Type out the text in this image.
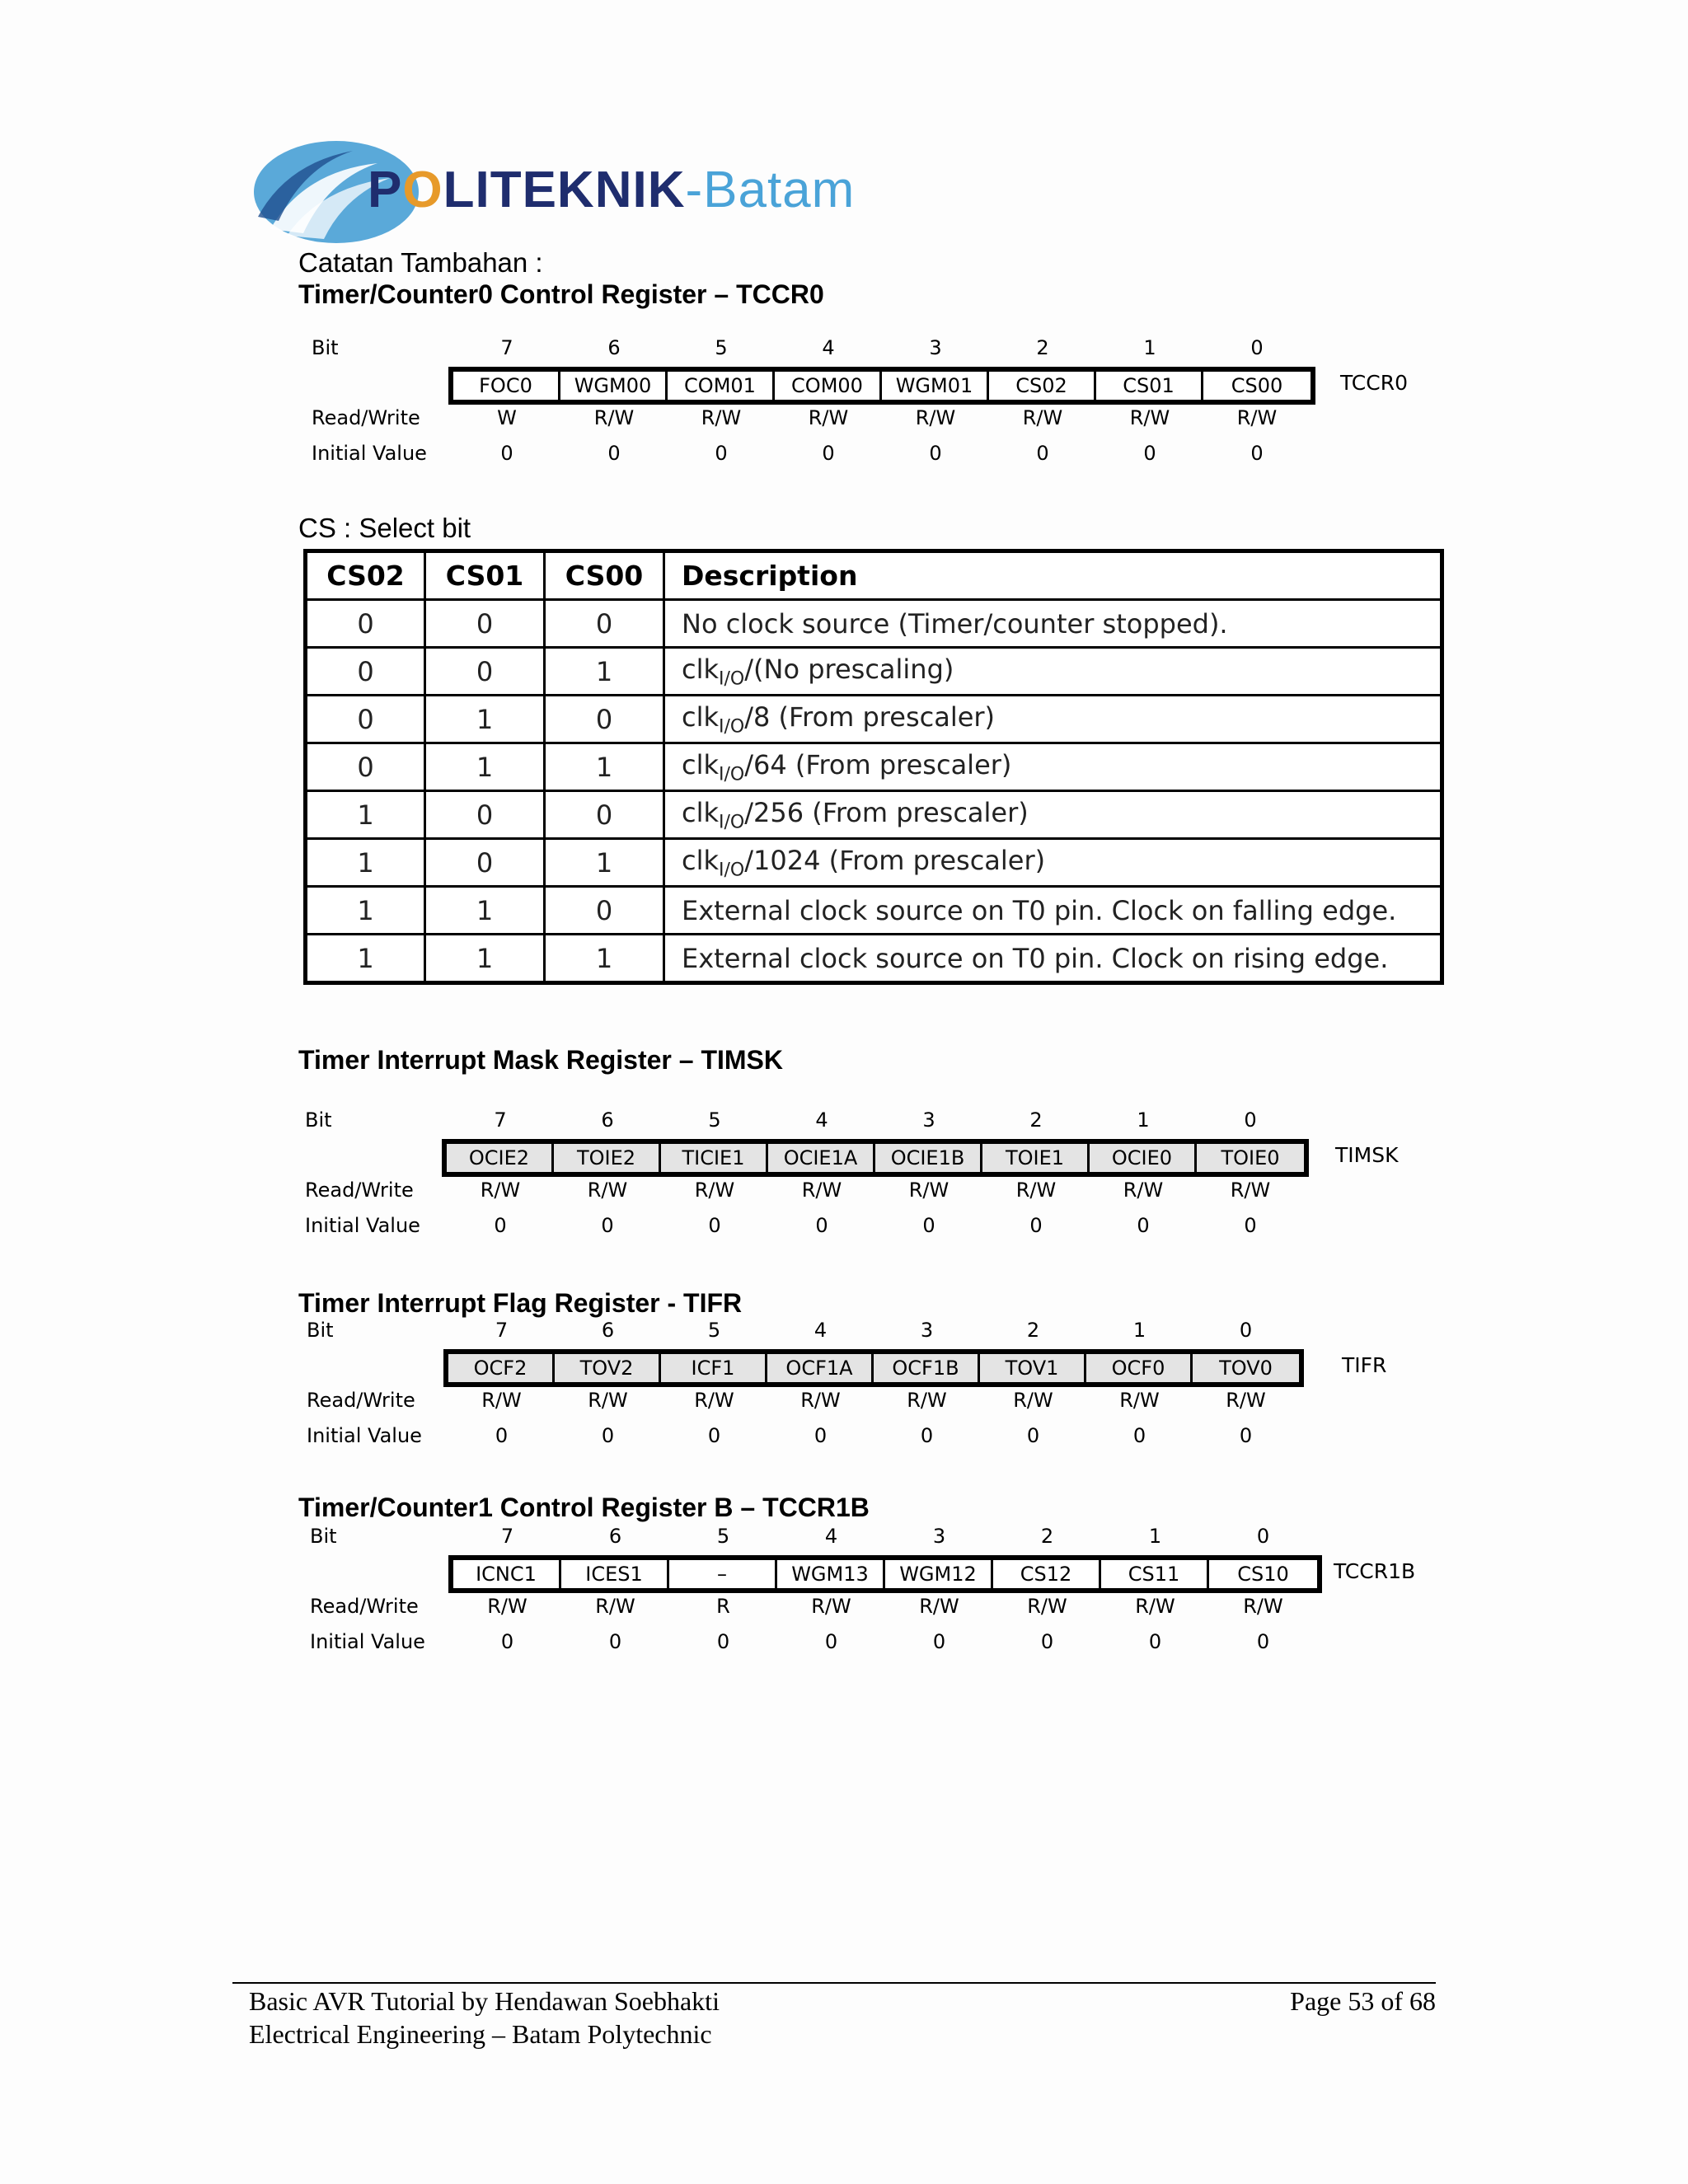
POLITEKNIK-Batam
Catatan Tambahan :
Timer/Counter0 Control Register – TCCR0
Bit	7	6	5	4	3	2	1	0
Read/Write	W	R/W	R/W	R/W	R/W	R/W	R/W	R/W
Initial Value	0	0	0	0	0	0	0	0
FOC0	WGM00	COM01	COM00	WGM01	CS02	CS01	CS00	TCCR0
CS : Select bit
CS02	CS01	CS00	Description
0	0	0	No clock source (Timer/counter stopped).
0	0	1	clk$_{I/O}$/(No prescaling)
0	1	0	clk$_{I/O}$/8 (From prescaler)
0	1	1	clk$_{I/O}$/64 (From prescaler)
1	0	0	clk$_{I/O}$/256 (From prescaler)
1	0	1	clk$_{I/O}$/1024 (From prescaler)
1	1	0	External clock source on T0 pin. Clock on falling edge.
1	1	1	External clock source on T0 pin. Clock on rising edge.
Timer Interrupt Mask Register – TIMSK
Bit	7	6	5	4	3	2	1	0
Read/Write	R/W	R/W	R/W	R/W	R/W	R/W	R/W	R/W
Initial Value	0	0	0	0	0	0	0	0
OCIE2	TOIE2	TICIE1	OCIE1A	OCIE1B	TOIE1	OCIE0	TOIE0	TIMSK
Timer Interrupt Flag Register - TIFR
Bit	7	6	5	4	3	2	1	0
Read/Write	R/W	R/W	R/W	R/W	R/W	R/W	R/W	R/W
Initial Value	0	0	0	0	0	0	0	0
OCF2	TOV2	ICF1	OCF1A	OCF1B	TOV1	OCF0	TOV0	TIFR
Timer/Counter1 Control Register B – TCCR1B
Bit	7	6	5	4	3	2	1	0
Read/Write	R/W	R/W	R	R/W	R/W	R/W	R/W	R/W
Initial Value	0	0	0	0	0	0	0	0
ICNC1	ICES1	–	WGM13	WGM12	CS12	CS11	CS10	TCCR1B
Basic AVR Tutorial by Hendawan Soebhakti
Electrical Engineering – Batam Polytechnic
Page 53 of 68
